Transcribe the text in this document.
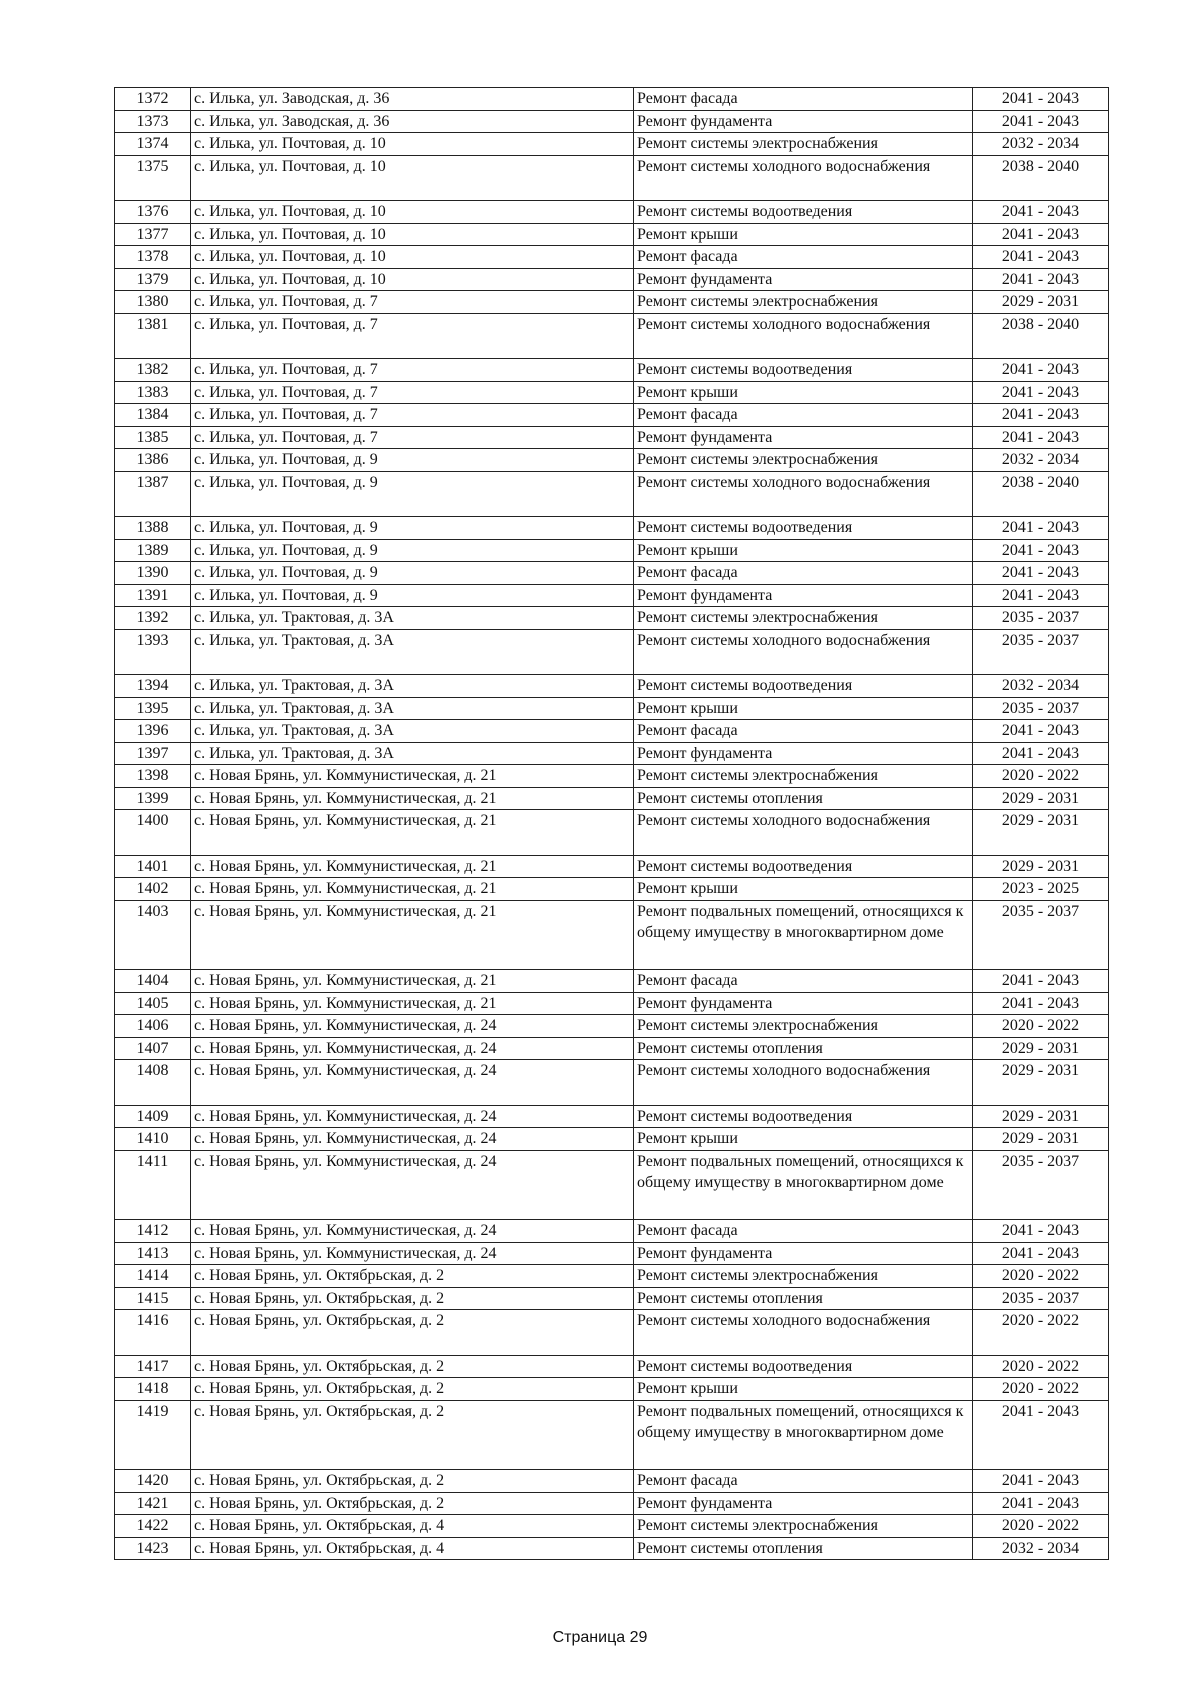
1372	с. Илька, ул. Заводская, д. 36	Ремонт фасада	2041 - 2043
1373	с. Илька, ул. Заводская, д. 36	Ремонт фундамента	2041 - 2043
1374	с. Илька, ул. Почтовая, д. 10	Ремонт системы электроснабжения	2032 - 2034
1375	с. Илька, ул. Почтовая, д. 10	Ремонт системы холодного водоснабжения	2038 - 2040
1376	с. Илька, ул. Почтовая, д. 10	Ремонт системы водоотведения	2041 - 2043
1377	с. Илька, ул. Почтовая, д. 10	Ремонт крыши	2041 - 2043
1378	с. Илька, ул. Почтовая, д. 10	Ремонт фасада	2041 - 2043
1379	с. Илька, ул. Почтовая, д. 10	Ремонт фундамента	2041 - 2043
1380	с. Илька, ул. Почтовая, д. 7	Ремонт системы электроснабжения	2029 - 2031
1381	с. Илька, ул. Почтовая, д. 7	Ремонт системы холодного водоснабжения	2038 - 2040
1382	с. Илька, ул. Почтовая, д. 7	Ремонт системы водоотведения	2041 - 2043
1383	с. Илька, ул. Почтовая, д. 7	Ремонт крыши	2041 - 2043
1384	с. Илька, ул. Почтовая, д. 7	Ремонт фасада	2041 - 2043
1385	с. Илька, ул. Почтовая, д. 7	Ремонт фундамента	2041 - 2043
1386	с. Илька, ул. Почтовая, д. 9	Ремонт системы электроснабжения	2032 - 2034
1387	с. Илька, ул. Почтовая, д. 9	Ремонт системы холодного водоснабжения	2038 - 2040
1388	с. Илька, ул. Почтовая, д. 9	Ремонт системы водоотведения	2041 - 2043
1389	с. Илька, ул. Почтовая, д. 9	Ремонт крыши	2041 - 2043
1390	с. Илька, ул. Почтовая, д. 9	Ремонт фасада	2041 - 2043
1391	с. Илька, ул. Почтовая, д. 9	Ремонт фундамента	2041 - 2043
1392	с. Илька, ул. Трактовая, д. 3А	Ремонт системы электроснабжения	2035 - 2037
1393	с. Илька, ул. Трактовая, д. 3А	Ремонт системы холодного водоснабжения	2035 - 2037
1394	с. Илька, ул. Трактовая, д. 3А	Ремонт системы водоотведения	2032 - 2034
1395	с. Илька, ул. Трактовая, д. 3А	Ремонт крыши	2035 - 2037
1396	с. Илька, ул. Трактовая, д. 3А	Ремонт фасада	2041 - 2043
1397	с. Илька, ул. Трактовая, д. 3А	Ремонт фундамента	2041 - 2043
1398	с. Новая Брянь, ул. Коммунистическая, д. 21	Ремонт системы электроснабжения	2020 - 2022
1399	с. Новая Брянь, ул. Коммунистическая, д. 21	Ремонт системы отопления	2029 - 2031
1400	с. Новая Брянь, ул. Коммунистическая, д. 21	Ремонт системы холодного водоснабжения	2029 - 2031
1401	с. Новая Брянь, ул. Коммунистическая, д. 21	Ремонт системы водоотведения	2029 - 2031
1402	с. Новая Брянь, ул. Коммунистическая, д. 21	Ремонт крыши	2023 - 2025
1403	с. Новая Брянь, ул. Коммунистическая, д. 21	Ремонт подвальных помещений, относящихся к общему имуществу в многоквартирном доме	2035 - 2037
1404	с. Новая Брянь, ул. Коммунистическая, д. 21	Ремонт фасада	2041 - 2043
1405	с. Новая Брянь, ул. Коммунистическая, д. 21	Ремонт фундамента	2041 - 2043
1406	с. Новая Брянь, ул. Коммунистическая, д. 24	Ремонт системы электроснабжения	2020 - 2022
1407	с. Новая Брянь, ул. Коммунистическая, д. 24	Ремонт системы отопления	2029 - 2031
1408	с. Новая Брянь, ул. Коммунистическая, д. 24	Ремонт системы холодного водоснабжения	2029 - 2031
1409	с. Новая Брянь, ул. Коммунистическая, д. 24	Ремонт системы водоотведения	2029 - 2031
1410	с. Новая Брянь, ул. Коммунистическая, д. 24	Ремонт крыши	2029 - 2031
1411	с. Новая Брянь, ул. Коммунистическая, д. 24	Ремонт подвальных помещений, относящихся к общему имуществу в многоквартирном доме	2035 - 2037
1412	с. Новая Брянь, ул. Коммунистическая, д. 24	Ремонт фасада	2041 - 2043
1413	с. Новая Брянь, ул. Коммунистическая, д. 24	Ремонт фундамента	2041 - 2043
1414	с. Новая Брянь, ул. Октябрьская, д. 2	Ремонт системы электроснабжения	2020 - 2022
1415	с. Новая Брянь, ул. Октябрьская, д. 2	Ремонт системы отопления	2035 - 2037
1416	с. Новая Брянь, ул. Октябрьская, д. 2	Ремонт системы холодного водоснабжения	2020 - 2022
1417	с. Новая Брянь, ул. Октябрьская, д. 2	Ремонт системы водоотведения	2020 - 2022
1418	с. Новая Брянь, ул. Октябрьская, д. 2	Ремонт крыши	2020 - 2022
1419	с. Новая Брянь, ул. Октябрьская, д. 2	Ремонт подвальных помещений, относящихся к общему имуществу в многоквартирном доме	2041 - 2043
1420	с. Новая Брянь, ул. Октябрьская, д. 2	Ремонт фасада	2041 - 2043
1421	с. Новая Брянь, ул. Октябрьская, д. 2	Ремонт фундамента	2041 - 2043
1422	с. Новая Брянь, ул. Октябрьская, д. 4	Ремонт системы электроснабжения	2020 - 2022
1423	с. Новая Брянь, ул. Октябрьская, д. 4	Ремонт системы отопления	2032 - 2034
Страница 29
